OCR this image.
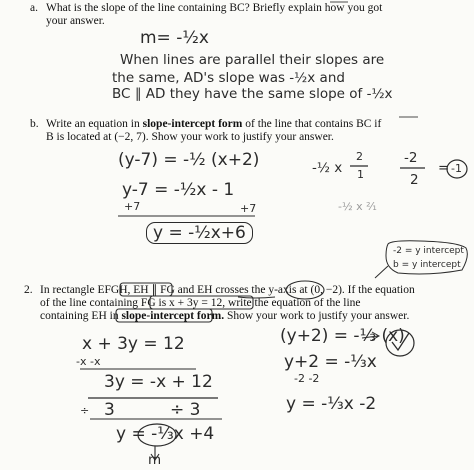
a. What is the slope of the line containing BC? Briefly explain how you got
your answer.
m= -½x
When lines are parallel their slopes are
the same, AD's slope was -½x and
BC ∥ AD they have the same slope of -½x
b. Write an equation in slope-intercept form of the line that contains BC if
B is located at (−2, 7). Show your work to justify your answer.
(y-7) = -½ (x+2)
y-7 = -½x - 1
+7	+7
y = -½x+6
-½ x
2
1
-2
2
= -1
-½ x ²⁄₁
-2 = y intercept
b = y intercept
2. In rectangle EFGH, EH ∥ FG and EH crosses the y-axis at (0, −2). If the equation
of the line containing FG is x + 3y = 12, write the equation of the line
containing EH in slope-intercept form. Show your work to justify your answer.
x + 3y = 12
-x -x
3y = -x + 12
÷ 3	÷ 3
y = -⅓x +4
m
(y+2) = -⅓ (x)
y+2 = -⅓x
-2 -2
y = -⅓x -2
